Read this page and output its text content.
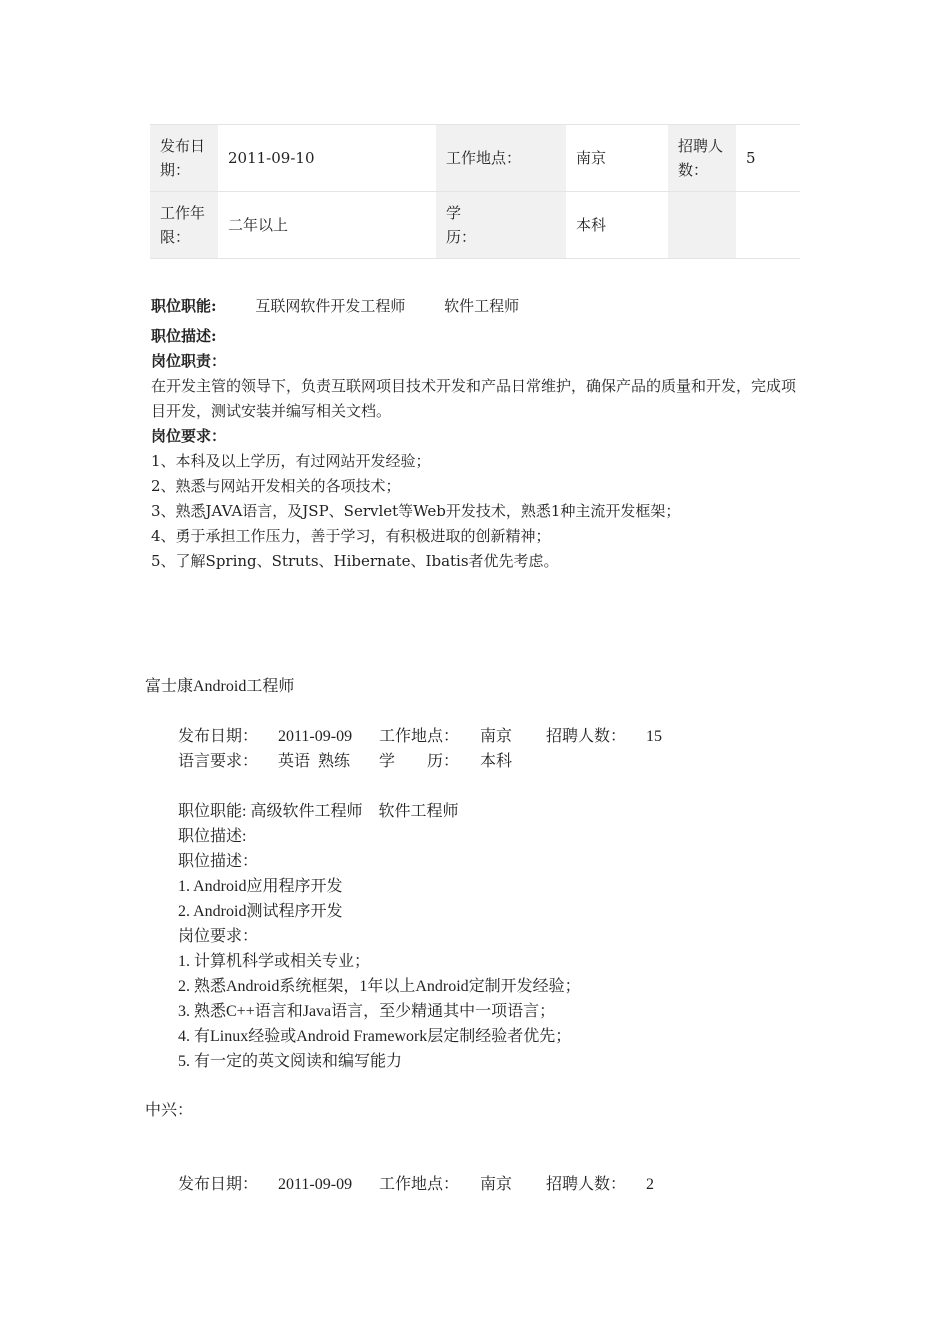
发布日期：	2011-09-10	工作地点：	南京	招聘人数：	5
工作年限：	二年以上	学　历：	本科		
职位职能:	互联网软件开发工程师	软件工程师
职位描述:
岗位职责：
在开发主管的领导下，负责互联网项目技术开发和产品日常维护，确保产品的质量和开发，完成项目开发，测试安装并编写相关文档。
岗位要求：
1、本科及以上学历，有过网站开发经验；
2、熟悉与网站开发相关的各项技术；
3、熟悉JAVA语言，及JSP、Servlet等Web开发技术，熟悉1种主流开发框架；
4、勇于承担工作压力，善于学习，有积极进取的创新精神；
5、了解Spring、Struts、Hibernate、Ibatis者优先考虑。
富士康Android工程师
发布日期： 2011-09-09 工作地点： 南京 招聘人数： 15
语言要求： 英语  熟练 学　　历： 本科
职位职能: 高级软件工程师　软件工程师
职位描述:
职位描述：
1. Android应用程序开发
2. Android测试程序开发
岗位要求：
1. 计算机科学或相关专业；
2. 熟悉Android系统框架，1年以上Android定制开发经验；
3. 熟悉C++语言和Java语言，至少精通其中一项语言；
4. 有Linux经验或Android Framework层定制经验者优先；
5. 有一定的英文阅读和编写能力
中兴：
发布日期： 2011-09-09 工作地点： 南京 招聘人数： 2
